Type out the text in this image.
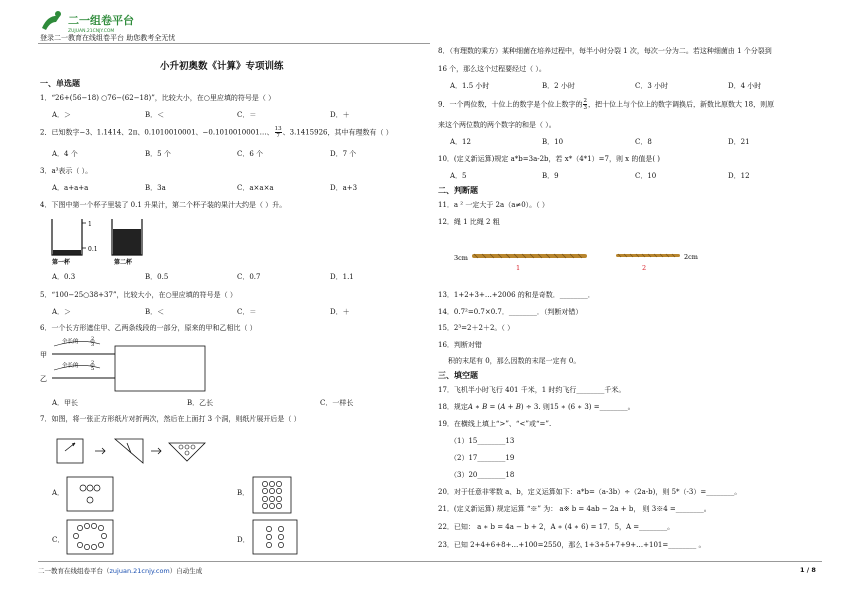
二一组卷平台
ZUJUAN.21CNJY.COM
登录二一教育在线组卷平台 助您教考全无忧
小升初奥数《计算》专项训练
一、单选题
1．“26+(56−18) ○76−(62−18)”，比较大小，在○里应填的符号是（ ）
A．＞	B．＜	C．＝	D．＋
2．已知数字−3、1.1414、2π、0.1010010001、−0.1010010001…、 $\frac{13}{7}$ 、3.1415926，其中有理数有（ ）
A．4 个	B．5 个	C．6 个	D．7 个
3．a³表示（ ）。
A．a+a+a	B．3a	C．a×a×a	D．a+3
4．下图中第一个杯子里装了 0.1 升果汁，第二个杯子装的果汁大约是（ ）升。
1
0.1
第一杯	第二杯
A．0.3	B．0.5	C．0.7	D．1.1
5．“100−25○38+37”，比较大小，在○里应填的符号是（ ）
A．＞	B．＜	C．＝	D．＋
6．一个长方形遮住甲、乙两条线段的一部分，原来的甲和乙相比（ ）
甲
乙
全长的 2
3
全长的 2
5
A．甲长	B．乙长	C．一样长
7．如图，将一张正方形纸片对折两次，然后在上面打 3 个洞，则纸片展开后是（ ）
A．	B．
C．	D．
8．（有理数的乘方）某种细菌在培养过程中，每半小时分裂 1 次，每次一分为二。若这种细菌由 1 个分裂到
16 个，那么这个过程要经过（ ）。
A．1.5 小时	B．2 小时	C．3 小时	D．4 小时
9．一个两位数，十位上的数字是个位上数字的 $\frac{2}{3}$ ，把十位上与个位上的数字调换后，新数比原数大 18，则原
来这个两位数的两个数字的和是（ ）。
A．12	B．10	C．8	D．21
10．(定义新运算)规定 a*b=3a-2b，若 x*（4*1）=7，则 x 的值是( )
A．5	B．9	C．10	D．12
二、判断题
11．a ² 一定大于 2a（a≠0）。（ ）
12．绳 1 比绳 2 粗
3cm
1	2
2cm
13．1+2+3+…+2006 的和是奇数．________．
14．0.7²=0.7×0.7．________．（判断对错）
15．2³=2＋2＋2。（ ）
16．判断对错
积的末尾有 0，那么因数的末尾一定有 0。
三、填空题
17．飞机半小时飞行 401 千米，1 时约飞行________千米。
18．规定𝐴 ∗ 𝐵 = (𝐴 + 𝐵) ÷ 3. 则15 ∗ (6 ∗ 3) =________。
19．在横线上填上“>”、“<”或“=”.
（1）15________13
（2）17________19
（3）20________18
20．对于任意非零数 a、b，定义运算如下：a*b=（a-3b）÷（2a-b)，则 5*（-3）=________。
21．(定义新运算) 规定运算 “※” 为： a※ b = 4ab − 2a + b， 则 3※4 =________。
22．已知： a ∗ b = 4a − b + 2，A ∗ (4 ∗ 6) = 17．5，A =________。
23．已知 2+4+6+8+…+100=2550，那么 1+3+5+7+9+…+101=________ 。
二一教育在线组卷平台（zujuan.21cnjy.com）自动生成	1 / 8
